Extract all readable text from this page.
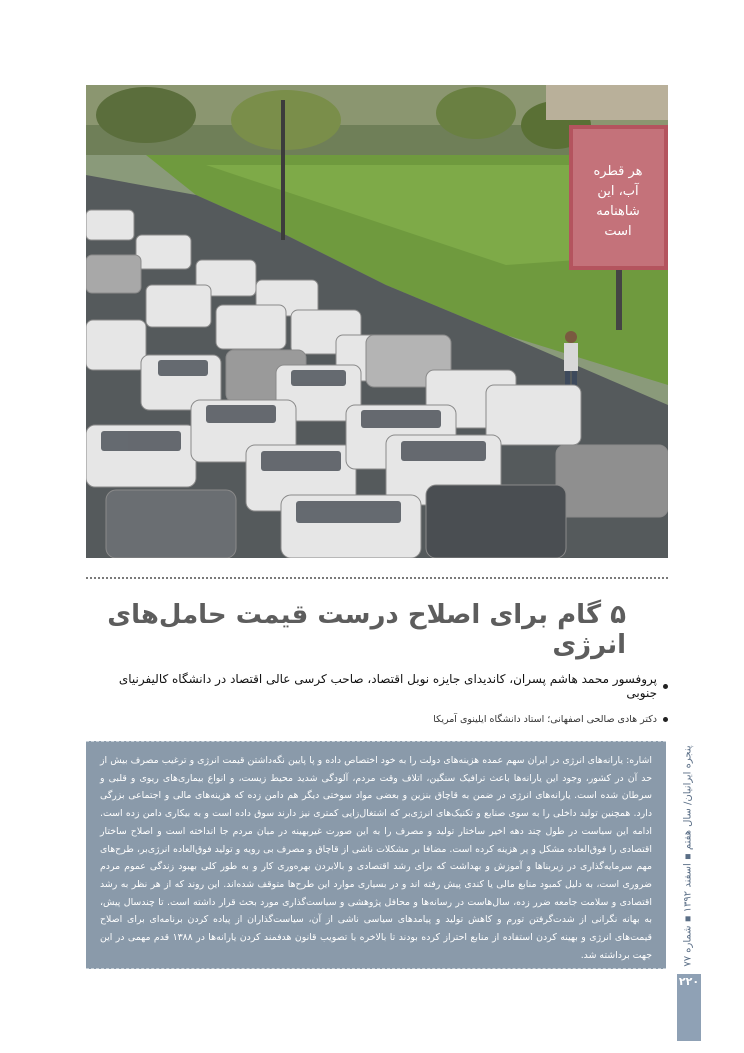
هر قطره
آب، این
شاهنامه
است
۵ گام برای اصلاح درست قیمت حامل‌های انرژی
پروفسور محمد هاشم پسران، کاندیدای جایزه نوبل اقتصاد، صاحب کرسی عالی اقتصاد در دانشگاه کالیفرنیای جنوبی
دکتر هادی صالحی اصفهانی؛ استاد دانشگاه ایلینوی آمریکا

اشاره: یارانه‌های انرژی در ایران سهم عمده هزینه‌های دولت را به خود اختصاص داده و پا پایین نگه‌داشتن قیمت انرژی و ترغیب مصرف بیش از حد آن در کشور، وجود این یارانه‌ها باعث ترافیک سنگین، اتلاف وقت مردم، آلودگی شدید محیط زیست، و انواع بیماری‌های ریوی و قلبی و سرطان شده است. یارانه‌های انرژی در ضمن به قاچاق بنزین و بعضی مواد سوختی دیگر هم دامن زده که هزینه‌های مالی و اجتماعی بزرگی دارد. همچنین تولید داخلی را به سوی صنایع و تکنیک‌های انرژی‌بر که اشتغال‌زایی کمتری نیز دارند سوق داده است و به بیکاری دامن زده است. ادامه این سیاست در طول چند دهه اخیر ساختار تولید و مصرف را به این صورت غیربهینه در میان مردم جا انداخته است و اصلاح ساختار اقتصادی را فوق‌العاده مشکل و پر هزینه کرده است. مضافا بر مشکلات ناشی از قاچاق و مصرف بی رویه و تولید فوق‌العاده انرژی‌بر، طرح‌های مهم سرمایه‌گذاری در زیربناها و آموزش و بهداشت که برای رشد اقتصادی و بالابردن بهره‌وری کار و به طور کلی بهبود زندگی عموم مردم ضروری است، به دلیل کمبود منابع مالی یا کندی پیش رفته اند و در بسیاری موارد این طرح‌ها متوقف شده‌اند. این روند که از هر نظر به رشد اقتصادی و سلامت جامعه ضرر زده، سال‌هاست در رسانه‌ها و محافل پژوهشی و سیاست‌گذاری مورد بحث قرار داشته است. تا چندسال پیش، به بهانه نگرانی از شدت‌گرفتن تورم و کاهش تولید و پیامدهای سیاسی ناشی از آن، سیاست‌گذاران از پیاده کردن برنامه‌ای برای اصلاح قیمت‌های انرژی و بهینه کردن استفاده از منابع احتراز کرده بودند تا بالاخره با تصویب قانون هدفمند کردن یارانه‌ها در ۱۳۸۸ قدم مهمی در این جهت برداشته شد.

پنجره ایرانیان/ سال هفتم ▪ اسفند ۱۳۹۲ ▪ شماره ۷۷
۲۲۰
